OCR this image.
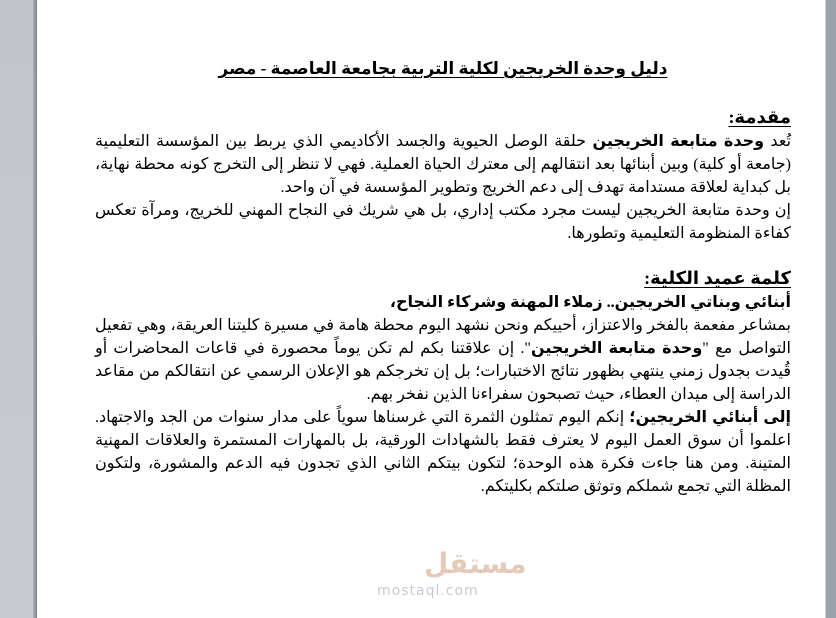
مستقل
mostaql.com
دليل وحدة الخريجين لكلية التربية بجامعة العاصمة - مصر
مقدمة:

تُعد وحدة متابعة الخريجين حلقة الوصل الحيوية والجسد الأكاديمي الذي يربط بين المؤسسة التعليمية (جامعة أو كلية) وبين أبنائها بعد انتقالهم إلى معترك الحياة العملية. فهي لا تنظر إلى التخرج كونه محطة نهاية، بل كبداية لعلاقة مستدامة تهدف إلى دعم الخريج وتطوير المؤسسة في آن واحد.

إن وحدة متابعة الخريجين ليست مجرد مكتب إداري، بل هي شريك في النجاح المهني للخريج، ومرآة تعكس كفاءة المنظومة التعليمية وتطورها.

كلمة عميد الكلية:

أبنائي وبناتي الخريجين.. زملاء المهنة وشركاء النجاح،

بمشاعر مفعمة بالفخر والاعتزاز، أحييكم ونحن نشهد اليوم محطة هامة في مسيرة كليتنا العريقة، وهي تفعيل التواصل مع "وحدة متابعة الخريجين". إن علاقتنا بكم لم تكن يوماً محصورة في قاعات المحاضرات أو قُيدت بجدول زمني ينتهي بظهور نتائج الاختبارات؛ بل إن تخرجكم هو الإعلان الرسمي عن انتقالكم من مقاعد الدراسة إلى ميدان العطاء، حيث تصبحون سفراءنا الذين نفخر بهم.

إلى أبنائي الخريجين؛ إنكم اليوم تمثلون الثمرة التي غرسناها سوياً على مدار سنوات من الجد والاجتهاد. اعلموا أن سوق العمل اليوم لا يعترف فقط بالشهادات الورقية، بل بالمهارات المستمرة والعلاقات المهنية المتينة. ومن هنا جاءت فكرة هذه الوحدة؛ لتكون بيتكم الثاني الذي تجدون فيه الدعم والمشورة، ولتكون المظلة التي تجمع شملكم وتوثق صلتكم بكليتكم.
